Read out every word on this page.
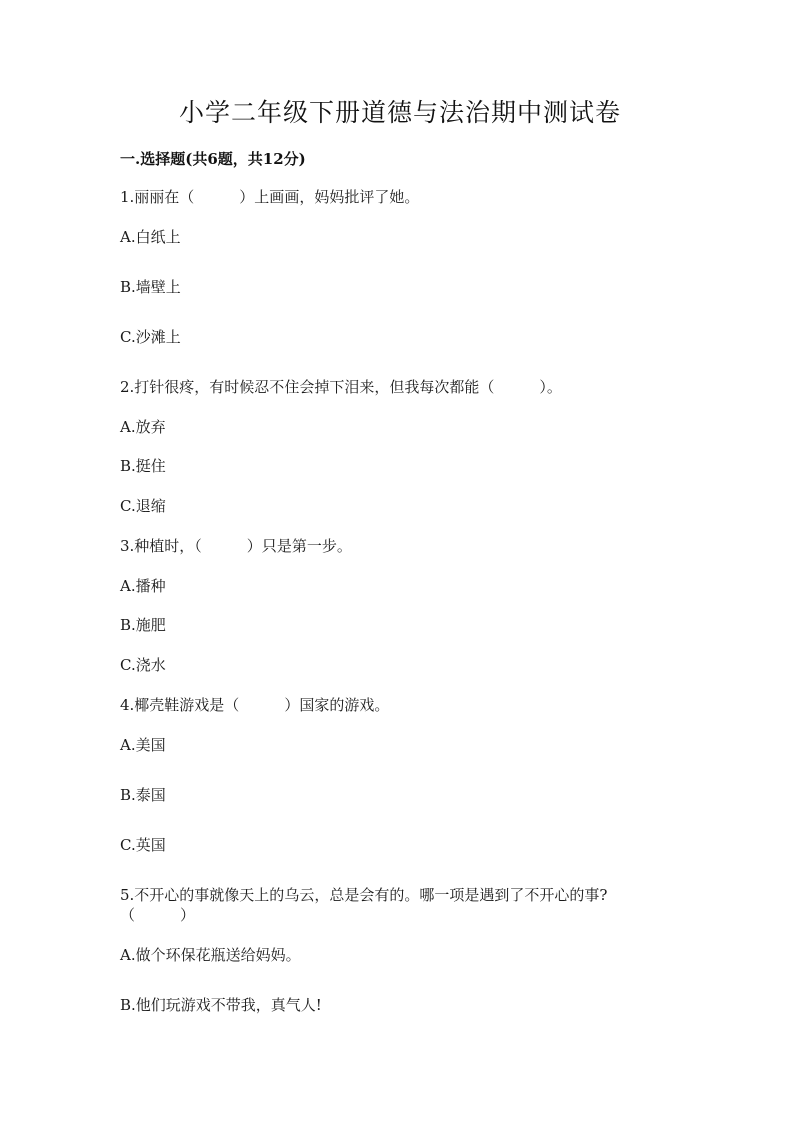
小学二年级下册道德与法治期中测试卷
一.选择题(共6题，共12分)
1.丽丽在（　　　）上画画，妈妈批评了她。
A.白纸上
B.墙壁上
C.沙滩上
2.打针很疼，有时候忍不住会掉下泪来，但我每次都能（　　　）。
A.放弃
B.挺住
C.退缩
3.种植时，（　　　）只是第一步。
A.播种
B.施肥
C.浇水
4.椰壳鞋游戏是（　　　）国家的游戏。
A.美国
B.泰国
C.英国
5.不开心的事就像天上的乌云，总是会有的。哪一项是遇到了不开心的事?
（　　　）
A.做个环保花瓶送给妈妈。
B.他们玩游戏不带我，真气人!
